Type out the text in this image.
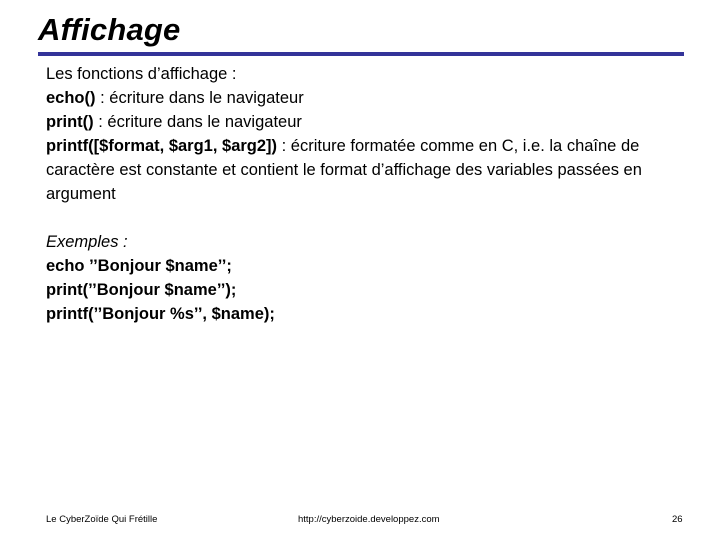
Affichage

Les fonctions d’affichage :

echo() : écriture dans le navigateur

print() : écriture dans le navigateur

printf([$format, $arg1, $arg2]) : écriture formatée comme en C, i.e. la chaîne de caractère est constante et contient le format d’affichage des variables passées en argument

Exemples :

echo ’’Bonjour $name’’;

print(’’Bonjour $name’’);

printf(’’Bonjour %s’’, $name);

Le CyberZoïde Qui Frétille	http://cyberzoide.developpez.com	26
